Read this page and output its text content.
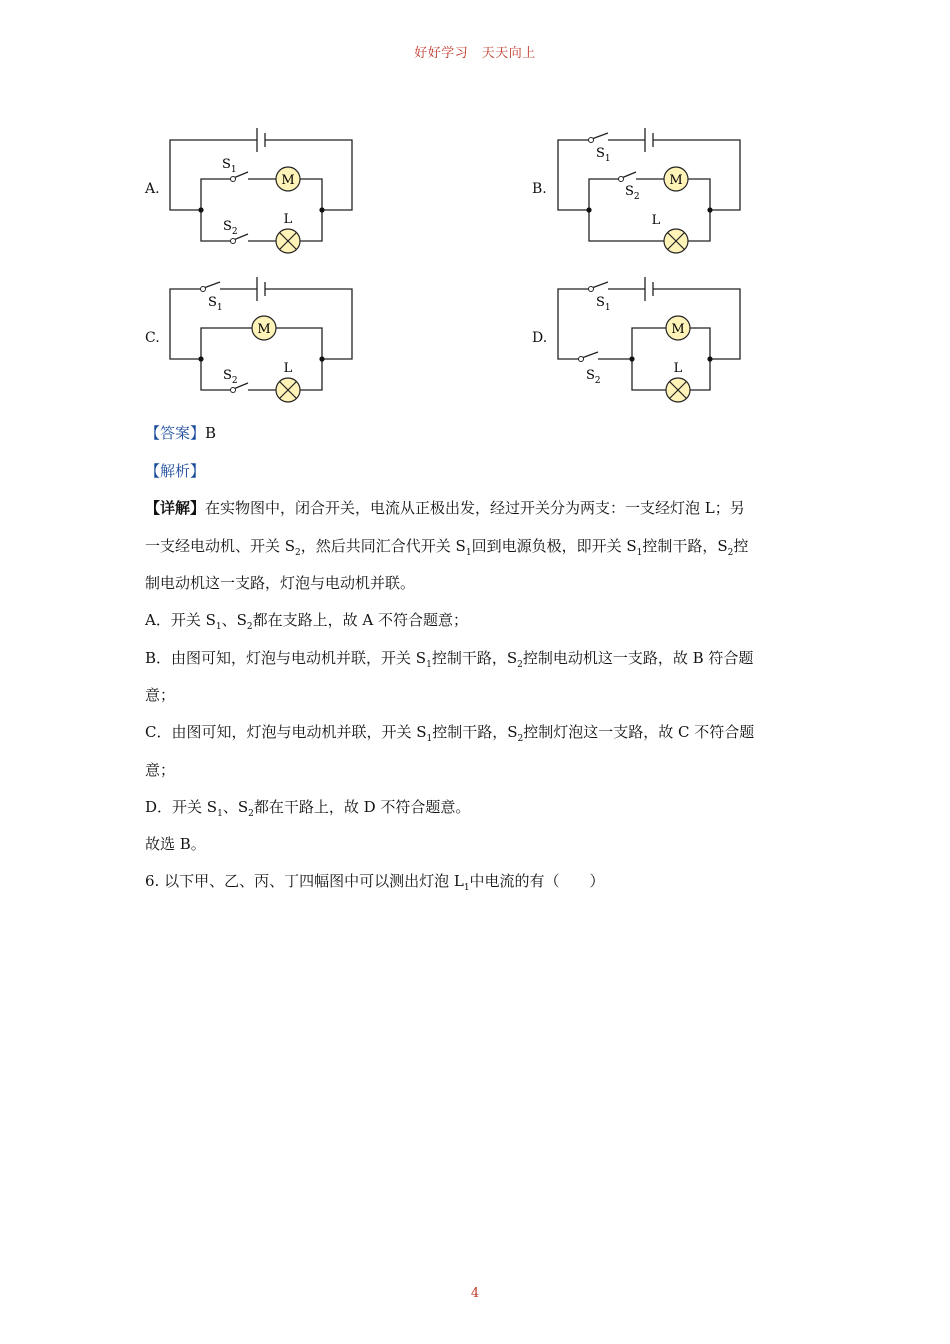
好好学习　天天向上
A.	B.
C.	D.
M
L
$S_1$
$S_2$
M
L
$S_1$
$S_2$
M
L
$S_1$
$S_2$
M
L
$S_1$
$S_2$
【答案】B
【解析】
【详解】在实物图中，闭合开关，电流从正极出发，经过开关分为两支：一支经灯泡 L；另
一支经电动机、开关 $S_2$，然后共同汇合代开关 $S_1$回到电源负极，即开关 $S_1$控制干路，$S_2$控
制电动机这一支路，灯泡与电动机并联。
A．开关 $S_1$、$S_2$都在支路上，故 A 不符合题意；
B．由图可知，灯泡与电动机并联，开关 $S_1$控制干路，$S_2$控制电动机这一支路，故 B 符合题
意；
C．由图可知，灯泡与电动机并联，开关 $S_1$控制干路，$S_2$控制灯泡这一支路，故 C 不符合题
意；
D．开关 $S_1$、$S_2$都在干路上，故 D 不符合题意。
故选 B。
6. 以下甲、乙、丙、丁四幅图中可以测出灯泡 $L_1$中电流的有（　　）
4
